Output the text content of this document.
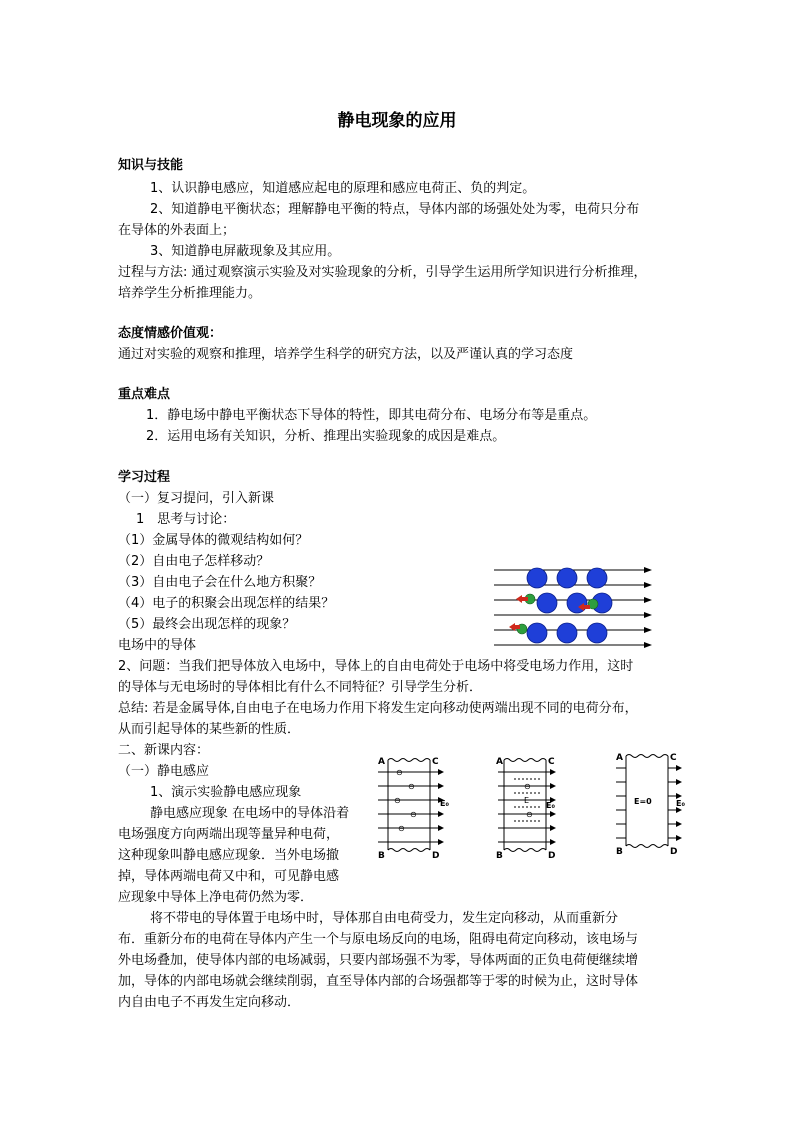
静电现象的应用
知识与技能
1、认识静电感应，知道感应起电的原理和感应电荷正、负的判定。
2、知道静电平衡状态；理解静电平衡的特点，导体内部的场强处处为零，电荷只分布
在导体的外表面上；
3、知道静电屏蔽现象及其应用。
过程与方法: 通过观察演示实验及对实验现象的分析，引导学生运用所学知识进行分析推理，
培养学生分析推理能力。
态度情感价值观：
通过对实验的观察和推理，培养学生科学的研究方法，以及严谨认真的学习态度
重点难点
1．静电场中静电平衡状态下导体的特性，即其电荷分布、电场分布等是重点。
2．运用电场有关知识，分析、推理出实验现象的成因是难点。
学习过程
（一）复习提问，引入新课
1　思考与讨论：
（1）金属导体的微观结构如何？
（2）自由电子怎样移动？
（3）自由电子会在什么地方积聚？
（4）电子的积聚会出现怎样的结果？
（5）最终会出现怎样的现象？
电场中的导体
2、问题：当我们把导体放入电场中，导体上的自由电荷处于电场中将受电场力作用，这时
的导体与无电场时的导体相比有什么不同特征？引导学生分析．
总结: 若是金属导体,自由电子在电场力作用下将发生定向移动使两端出现不同的电荷分布，
从而引起导体的某些新的性质．
二、新课内容：
（一）静电感应
1、演示实验静电感应现象
静电感应现象 在电场中的导体沿着
电场强度方向两端出现等量异种电荷，
这种现象叫静电感应现象．当外电场撤
掉，导体两端电荷又中和，可见静电感
应现象中导体上净电荷仍然为零．
⊖
⊖
⊖
⊖
⊖
A	C
B	D
E₀
⊖
E
⊖
A	C
B	D
E₀
A	C
B	D
E=0	E₀
将不带电的导体置于电场中时，导体那自由电荷受力，发生定向移动，从而重新分
布．重新分布的电荷在导体内产生一个与原电场反向的电场，阻碍电荷定向移动，该电场与
外电场叠加，使导体内部的电场减弱，只要内部场强不为零，导体两面的正负电荷便继续增
加，导体的内部电场就会继续削弱，直至导体内部的合场强都等于零的时候为止，这时导体
内自由电子不再发生定向移动．
